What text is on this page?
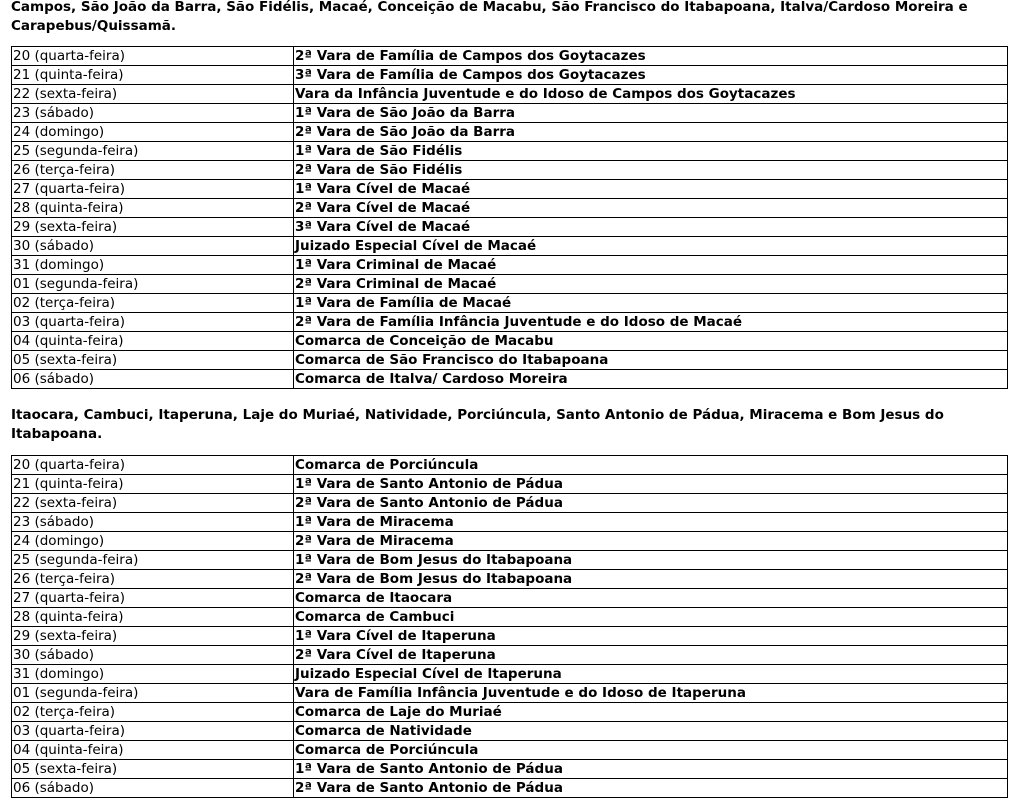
Campos, São João da Barra, São Fidélis, Macaé, Conceição de Macabu, São Francisco do Itabapoana, Italva/Cardoso Moreira e Carapebus/Quissamã.
20 (quarta-feira)	2ª Vara de Família de Campos dos Goytacazes
21 (quinta-feira)	3ª Vara de Família de Campos dos Goytacazes
22 (sexta-feira)	Vara da Infância Juventude e do Idoso de Campos dos Goytacazes
23 (sábado)	1ª Vara de São João da Barra
24 (domingo)	2ª Vara de São João da Barra
25 (segunda-feira)	1ª Vara de São Fidélis
26 (terça-feira)	2ª Vara de São Fidélis
27 (quarta-feira)	1ª Vara Cível de Macaé
28 (quinta-feira)	2ª Vara Cível de Macaé
29 (sexta-feira)	3ª Vara Cível de Macaé
30 (sábado)	Juizado Especial Cível de Macaé
31 (domingo)	1ª Vara Criminal de Macaé
01 (segunda-feira)	2ª Vara Criminal de Macaé
02 (terça-feira)	1ª Vara de Família de Macaé
03 (quarta-feira)	2ª Vara de Família Infância Juventude e do Idoso de Macaé
04 (quinta-feira)	Comarca de Conceição de Macabu
05 (sexta-feira)	Comarca de São Francisco do Itabapoana
06 (sábado)	Comarca de Italva/ Cardoso Moreira
Itaocara, Cambuci, Itaperuna, Laje do Muriaé, Natividade, Porciúncula, Santo Antonio de Pádua, Miracema e Bom Jesus do Itabapoana.
20 (quarta-feira)	Comarca de Porciúncula
21 (quinta-feira)	1ª Vara de Santo Antonio de Pádua
22 (sexta-feira)	2ª Vara de Santo Antonio de Pádua
23 (sábado)	1ª Vara de Miracema
24 (domingo)	2ª Vara de Miracema
25 (segunda-feira)	1ª Vara de Bom Jesus do Itabapoana
26 (terça-feira)	2ª Vara de Bom Jesus do Itabapoana
27 (quarta-feira)	Comarca de Itaocara
28 (quinta-feira)	Comarca de Cambuci
29 (sexta-feira)	1ª Vara Cível de Itaperuna
30 (sábado)	2ª Vara Cível de Itaperuna
31 (domingo)	Juizado Especial Cível de Itaperuna
01 (segunda-feira)	Vara de Família Infância Juventude e do Idoso de Itaperuna
02 (terça-feira)	Comarca de Laje do Muriaé
03 (quarta-feira)	Comarca de Natividade
04 (quinta-feira)	Comarca de Porciúncula
05 (sexta-feira)	1ª Vara de Santo Antonio de Pádua
06 (sábado)	2ª Vara de Santo Antonio de Pádua
